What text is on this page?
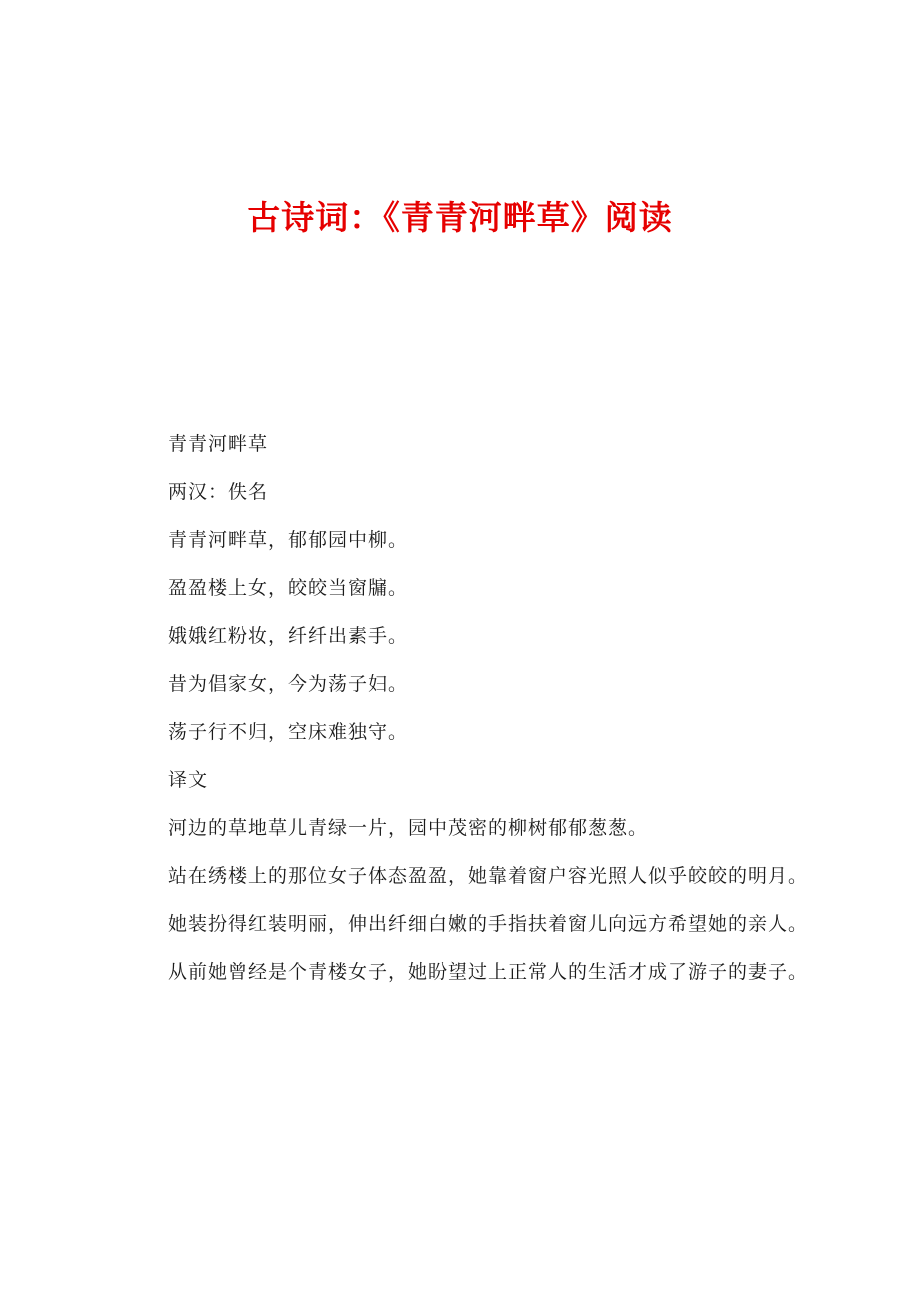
古诗词：《青青河畔草》阅读
青青河畔草
两汉：佚名
青青河畔草，郁郁园中柳。
盈盈楼上女，皎皎当窗牖。
娥娥红粉妆，纤纤出素手。
昔为倡家女，今为荡子妇。
荡子行不归，空床难独守。
译文

河边的草地草儿青绿一片，园中茂密的柳树郁郁葱葱。

站在绣楼上的那位女子体态盈盈，她靠着窗户容光照人似乎皎皎的明月。

她装扮得红装明丽，伸出纤细白嫩的手指扶着窗儿向远方希望她的亲人。

从前她曾经是个青楼女子，她盼望过上正常人的生活才成了游子的妻子。
